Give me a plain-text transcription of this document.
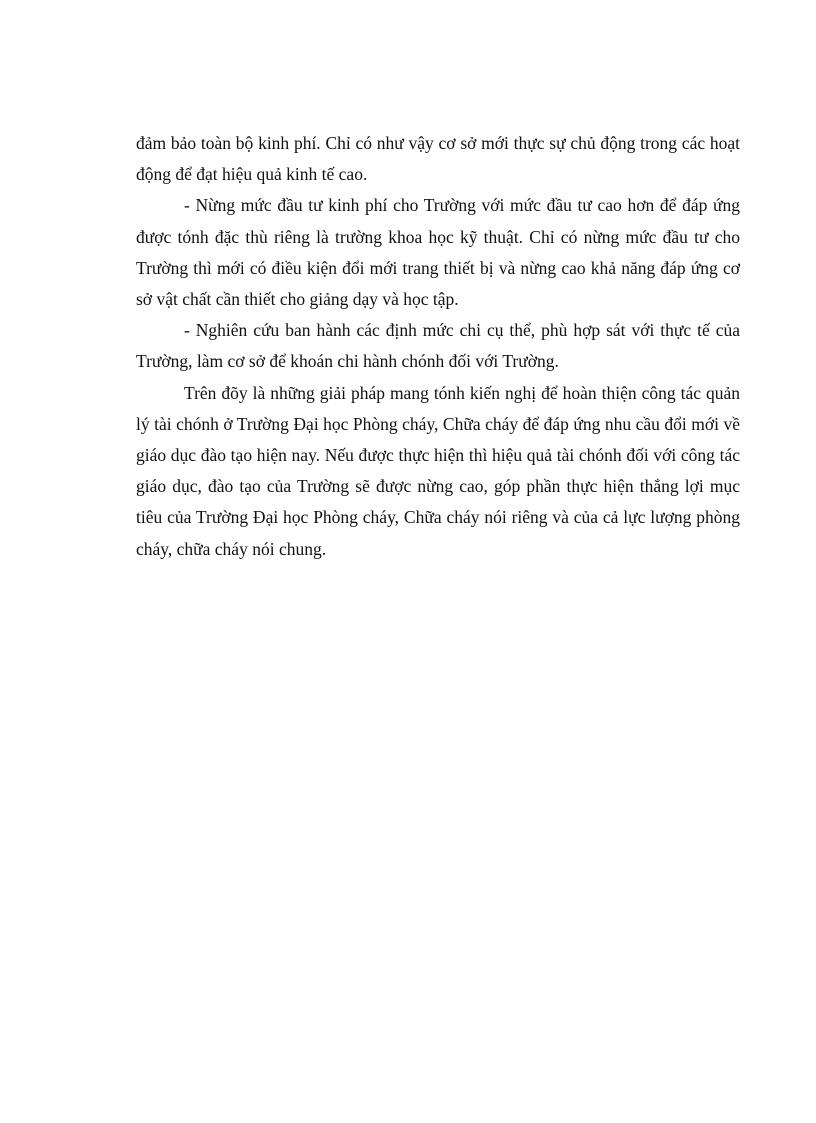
đảm bảo toàn bộ kinh phí. Chỉ có như vậy cơ sở mới thực sự chủ động trong các hoạt động để đạt hiệu quả kinh tế cao.

- Nừng mức đầu tư kinh phí cho Trường với mức đầu tư cao hơn để đáp ứng được tónh đặc thù riêng là trường khoa học kỹ thuật. Chỉ có nừng mức đầu tư cho Trường thì mới có điều kiện đổi mới trang thiết bị và nừng cao khả năng đáp ứng cơ sở vật chất cần thiết cho giảng dạy và học tập.

- Nghiên cứu ban hành các định mức chi cụ thể, phù hợp sát với thực tế của Trường, làm cơ sở để khoán chi hành chónh đối với Trường.

Trên đõy là những giải pháp mang tónh kiến nghị để hoàn thiện công tác quản lý tài chónh ở Trường Đại học Phòng cháy, Chữa cháy để đáp ứng nhu cầu đổi mới về giáo dục đào tạo hiện nay. Nếu được thực hiện thì hiệu quả tài chónh đối với công tác giáo dục, đào tạo của Trường sẽ được nừng cao, góp phần thực hiện thắng lợi mục tiêu của Trường Đại học Phòng cháy, Chữa cháy nói riêng và của cả lực lượng phòng cháy, chữa cháy nói chung.
